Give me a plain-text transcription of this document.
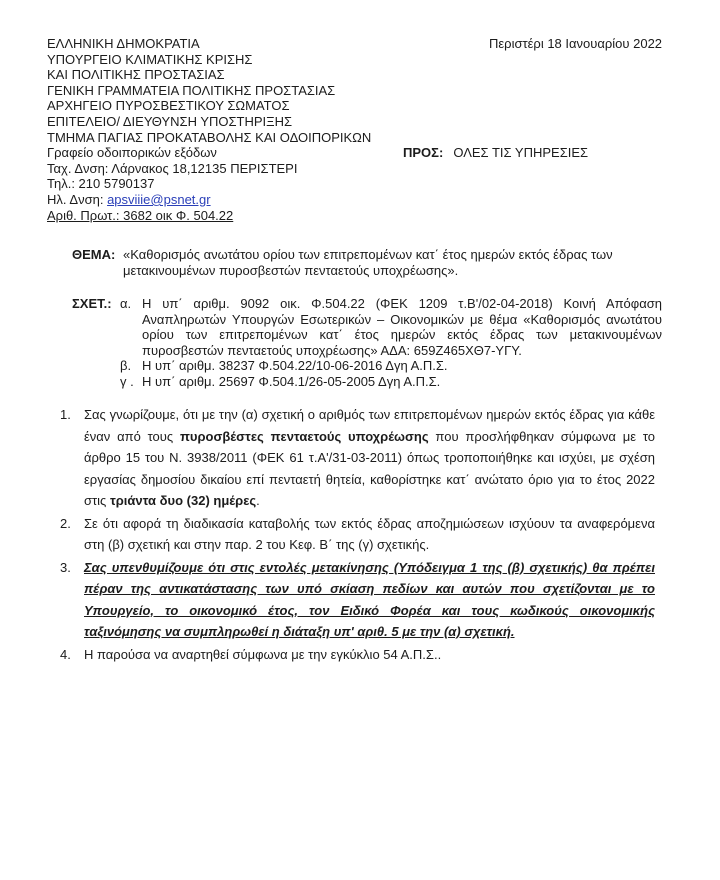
ΕΛΛΗΝΙΚΗ ΔΗΜΟΚΡΑΤΙΑ
ΥΠΟΥΡΓΕΙΟ ΚΛΙΜΑΤΙΚΗΣ ΚΡΙΣΗΣ
ΚΑΙ ΠΟΛΙΤΙΚΗΣ ΠΡΟΣΤΑΣΙΑΣ
ΓΕΝΙΚΗ ΓΡΑΜΜΑΤΕΙΑ ΠΟΛΙΤΙΚΗΣ ΠΡΟΣΤΑΣΙΑΣ
ΑΡΧΗΓΕΙΟ ΠΥΡΟΣΒΕΣΤΙΚΟΥ ΣΩΜΑΤΟΣ
ΕΠΙΤΕΛΕΙΟ/ ΔΙΕΥΘΥΝΣΗ ΥΠΟΣΤΗΡΙΞΗΣ
ΤΜΗΜΑ ΠΑΓΙΑΣ ΠΡΟΚΑΤΑΒΟΛΗΣ ΚΑΙ ΟΔΟΙΠΟΡΙΚΩΝ
Γραφείο οδοιπορικών εξόδων
Ταχ. Δνση: Λάρνακος 18,12135 ΠΕΡΙΣΤΕΡΙ
Τηλ.: 210 5790137
Ηλ. Δνση: apsviiie@psnet.gr
Αριθ. Πρωτ.: 3682 οικ Φ. 504.22
Περιστέρι 18 Ιανουαρίου 2022
ΠΡΟΣ: ΟΛΕΣ ΤΙΣ ΥΠΗΡΕΣΙΕΣ
ΘΕΜΑ: «Καθορισμός ανωτάτου ορίου των επιτρεπομένων κατ΄ έτος ημερών εκτός έδρας των μετακινουμένων πυροσβεστών πενταετούς υποχρέωσης».
ΣΧΕΤ.: α. Η υπ΄ αριθμ. 9092 οικ. Φ.504.22 (ΦΕΚ 1209 τ.Β'/02-04-2018) Κοινή Απόφαση Αναπληρωτών Υπουργών Εσωτερικών – Οικονομικών με θέμα «Καθορισμός ανωτάτου ορίου των επιτρεπομένων κατ΄ έτος ημερών εκτός έδρας των μετακινουμένων πυροσβεστών πενταετούς υποχρέωσης» ΑΔΑ: 659Ζ465ΧΘ7-ΥΓΥ.
β. Η υπ΄ αριθμ. 38237 Φ.504.22/10-06-2016 Δγη Α.Π.Σ.
γ . Η υπ΄ αριθμ. 25697 Φ.504.1/26-05-2005 Δγη Α.Π.Σ.
1. Σας γνωρίζουμε, ότι με την (α) σχετική ο αριθμός των επιτρεπομένων ημερών εκτός έδρας για κάθε έναν από τους πυροσβέστες πενταετούς υποχρέωσης που προσλήφθηκαν σύμφωνα με το άρθρο 15 του Ν. 3938/2011 (ΦΕΚ 61 τ.Α'/31-03-2011) όπως τροποποιήθηκε και ισχύει, με σχέση εργασίας δημοσίου δικαίου επί πενταετή θητεία, καθορίστηκε κατ΄ ανώτατο όριο για το έτος 2022 στις τριάντα δυο (32) ημέρες.
2. Σε ότι αφορά τη διαδικασία καταβολής των εκτός έδρας αποζημιώσεων ισχύουν τα αναφερόμενα στη (β) σχετική και στην παρ. 2 του Κεφ. Β΄ της (γ) σχετικής.
3. Σας υπενθυμίζουμε ότι στις εντολές μετακίνησης (Υπόδειγμα 1 της (β) σχετικής) θα πρέπει πέραν της αντικατάστασης των υπό σκίαση πεδίων και αυτών που σχετίζονται με το Υπουργείο, το οικονομικό έτος, τον Ειδικό Φορέα και τους κωδικούς οικονομικής ταξινόμησης να συμπληρωθεί η διάταξη υπ' αριθ. 5 με την (α) σχετική.
4. Η παρούσα να αναρτηθεί σύμφωνα με την εγκύκλιο 54 Α.Π.Σ..
